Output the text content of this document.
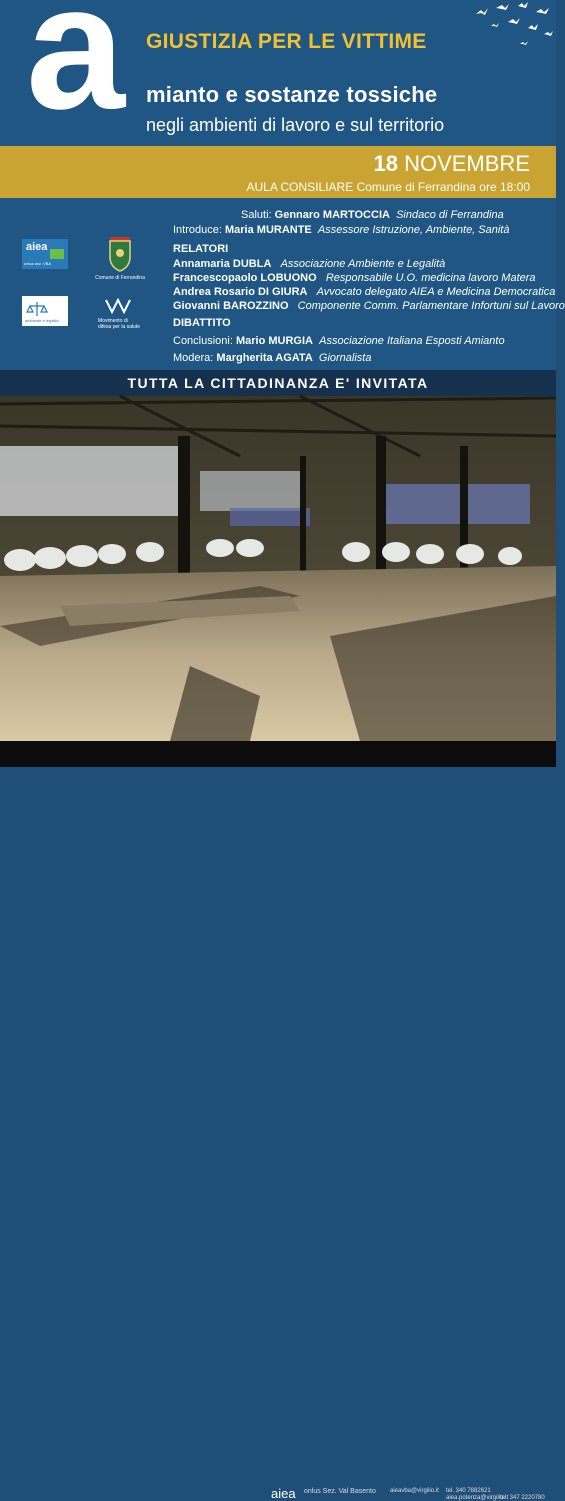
a GIUSTIZIA PER LE VITTIME
mianto e sostanze tossiche
negli ambienti di lavoro e sul territorio
18 NOVEMBRE
AULA CONSILIARE Comune di Ferrandina ore 18:00
Saluti: Gennaro MARTOCCIA Sindaco di Ferrandina
Introduce: Maria MURANTE Assessore Istruzione, Ambiente, Sanità
RELATORI
Annamaria DUBLA Associazione Ambiente e Legalità
Francescopaolo LOBUONO Responsabile U.O. medicina lavoro Matera
Andrea Rosario DI GIURA Avvocato delegato AIEA e Medicina Democratica
Giovanni BAROZZINO Componente Comm. Parlamentare Infortuni sul Lavoro
DIBATTITO
Conclusioni: Mario MURGIA Associazione Italiana Esposti Amianto
Modera: Margherita AGATA Giornalista
aiea
onlus sez. VBA
Comune di Ferrandina
ambiente e legalità	Movimento di difesa per la salute
TUTTA LA CITTADINANZA E' INVITATA
aiea onlus Sez. Val Basento aieavba@virgilio.it tel. 340 7882621
tel. 347 2220780
aiea.potenza@virgilio.it
